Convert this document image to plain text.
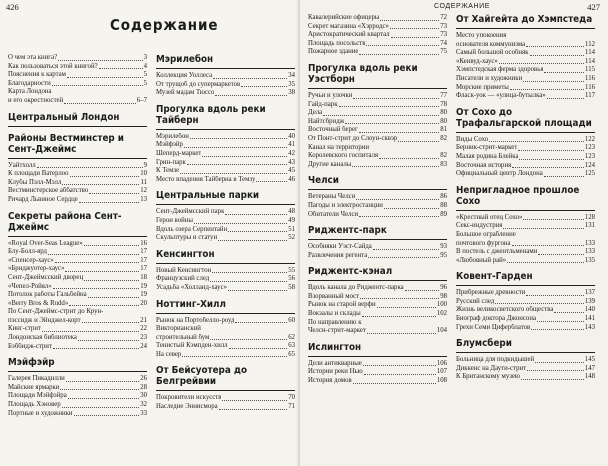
426
Содержание
О чем эта книга?	3
Как пользоваться этой книгой?	4
Пояснения к картам	5
Благодарности	5
Карта Лондона
и его окрестностей	6–7
Центральный Лондон
Районы Вестминстер и Сент-Джеймс
Уайтхолл	9
К площади Ватерлоо	10
Клубы Пэлл-Мэлл	11
Вестминстерское аббатство	12
Ричард Львиное Сердце	13
Секреты района Сент-Джеймс
«Royal Over-Seas League»	16
Блу-Болл-ярд	17
«Спенсер-хаус»	17
«Бриджуотер-хаус»	17
Сент-Джеймсский дворец	18
«Чепел-Ройял»	19
Потолок работы Гальбейна	19
«Berry Bros & Rudd»	20
По Сент-Джеймс-стрит до Крун-
пэссидж и Эйнджел-корт	21
Кинг-стрит	22
Лондонская библиотека	23
Бэббидж-стрит	24
Мэйфэйр
Галерея Пикадилли	26
Майские ярмарки	28
Площади Мэйфэйра	30
Площадь Хэновер	32
Портные и художники	33
Мэрилебон
Коллекция Уоллеса	34
От трущоб до супермаркетов	35
Музей мадам Тюссо	38
Прогулка вдоль реки Тайберн
Мэрилебон	40
Мэйфэйр	41
Шеперд-маркет	42
Грин-парк	43
К Темзе	45
Место впадения Тайберна в Темзу	46
Центральные парки
Сент-Джеймсский парк	48
Герои войны	49
Вдоль озера Серпентайн	51
Скульптуры и статуи	52
Кенсингтон
Новый Кенсингтон	55
Французский след	56
Усадьба «Холланд-хаус»	58
Ноттинг-Хилл
Рынок на Портобелло-роуд	60
Викторианский
строительный бум	62
Тенистый Кэмпден-хилл	63
На север	65
От Бейсуотера до Белгрейвии
Покровители искусств	70
Наследие Эннисмора	71
СОДЕРЖАНИЕ	427
Кавалерийские офицеры	72
Секрет магазина «Хэрродс»	73
Аристократический квартал	73
Площадь посольств	74
Пожарное здание	75
Прогулка вдоль реки Уэстборн
Ручьи и улочки	77
Гайд-парк	78
Дела	80
Найтсбридж	80
Восточный берег	81
От Понт-стрит до Слоун-сквэр	82
Канал на территории
Королевского госпиталя	82
Другие каналы	83
Челси
Ветераны Челси	86
Пагоды и электростанции	88
Обитатели Челси	89
Риджентс-парк
Особняки Уэст-Сайда	93
Развлечения регента	95
Риджентс-кэнал
Вдоль канала до Риджентс-парка	96
Взорванный мост	98
Рынок на старой верфи	100
Вокзалы и склады	102
По направлению к
Челси-стрит-маркет	104
Ислингтон
Дели антикварные	106
Истории реки Нью	107
История домов	108
От Хайгейта до Хэмпстеда
Место упокоения
основателя коммунизма	112
Самый большой особняк	114
«Кенвуд-хаус»	114
Хэмпстедская ферма здоровья	115
Писатели и художники	116
Морские приметы	116
Фласк-уок — «улица-бутылка»	117
От Сохо до Трафальгарской площади
Виды Сохо	122
Берник-стрит-маркет	123
Малая родина Блейка	123
Восточная история	124
Официальный центр Лондона	125
Непригладное прошлое Сохо
«Крестный отец Сохо»	128
Секс-индустрия	131
Большое ограбление
почтового фургона	133
В постель с джентльменами	133
«Любовный рай»	135
Ковент-Гарден
Прибрежные древности	137
Русский след	139
Жизнь великосветского общества	140
Биограф доктора Джонсона	141
Грехи Семи Циферблатов	143
Блумсбери
Больница для подкидышей	145
Диккенс на Даути-стрит	147
К Британскому музею	148
